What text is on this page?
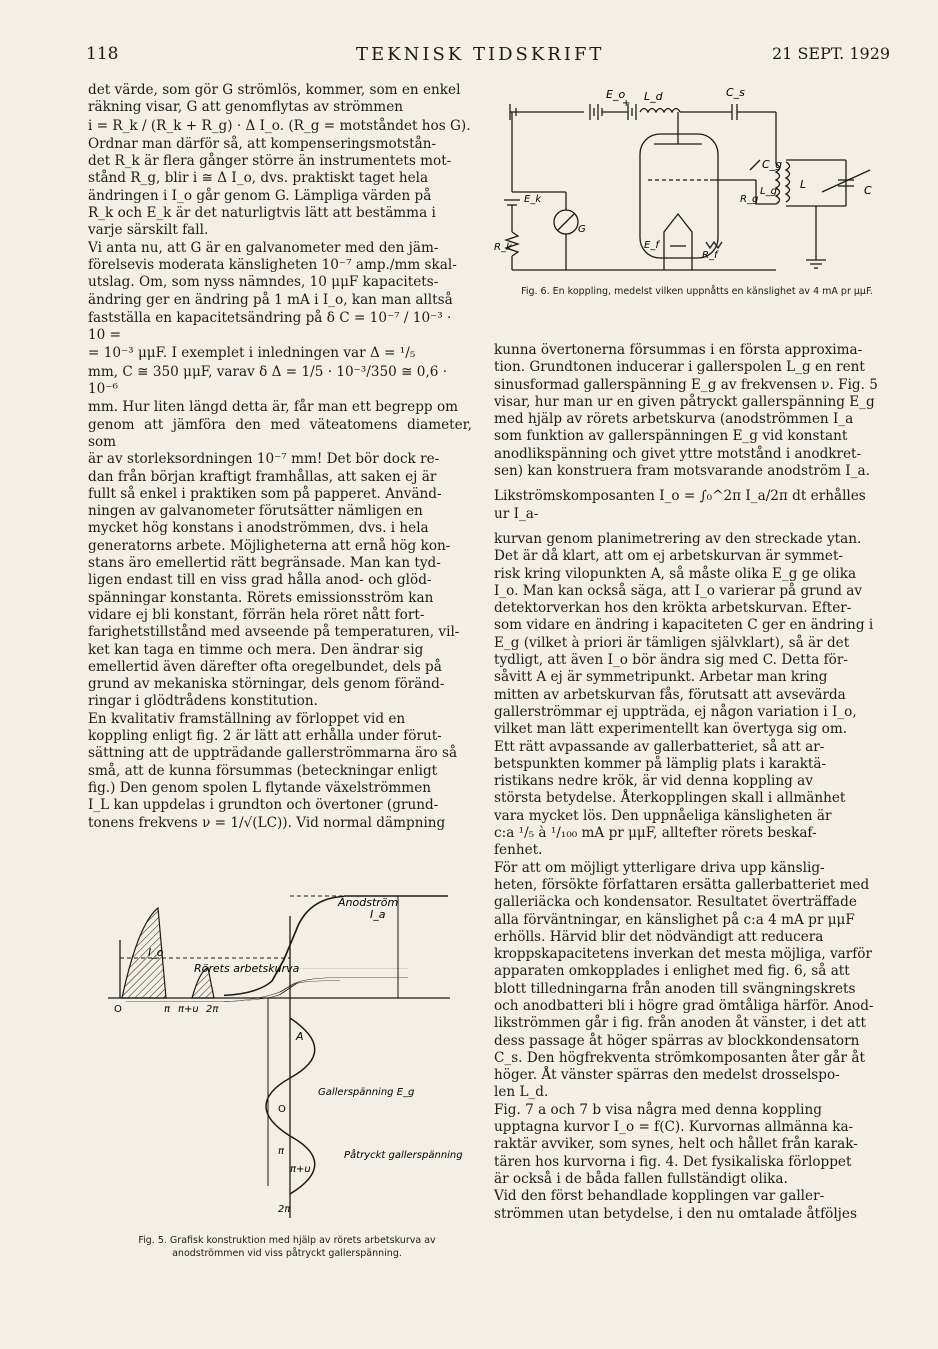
118	TEKNISK TIDSKRIFT	21 SEPT. 1929

det värde, som gör G strömlös, kommer, som en enkel

räkning visar, G att genomflytas av strömmen

i = R_k / (R_k + R_g) · Δ I_o. (R_g = motståndet hos G).

Ordnar man därför så, att kompenseringsmotstån-

det R_k är flera gånger större än instrumentets mot-

stånd R_g, blir i ≅ Δ I_o, dvs. praktiskt taget hela

ändringen i I_o går genom G. Lämpliga värden på

R_k och E_k är det naturligtvis lätt att bestämma i

varje särskilt fall.

Vi anta nu, att G är en galvanometer med den jäm-

förelsevis moderata känsligheten 10⁻⁷ amp./mm skal-

utslag. Om, som nyss nämndes, 10 μμF kapacitets-

ändring ger en ändring på 1 mA i I_o, kan man alltså

fastställa en kapacitetsändring på δ C = 10⁻⁷ / 10⁻³ · 10 =

= 10⁻³ μμF. I exemplet i inledningen var Δ = ¹/₅

mm, C ≅ 350 μμF, varav δ Δ = 1/5 · 10⁻³/350 ≅ 0,6 · 10⁻⁶

mm. Hur liten längd detta är, får man ett begrepp om

genom att jämföra den med väteatomens diameter, som

är av storleksordningen 10⁻⁷ mm! Det bör dock re-

dan från början kraftigt framhållas, att saken ej är

fullt så enkel i praktiken som på papperet. Använd-

ningen av galvanometer förutsätter nämligen en

mycket hög konstans i anodströmmen, dvs. i hela

generatorns arbete. Möjligheterna att ernå hög kon-

stans äro emellertid rätt begränsade. Man kan tyd-

ligen endast till en viss grad hålla anod- och glöd-

spänningar konstanta. Rörets emissionsström kan

vidare ej bli konstant, förrän hela röret nått fort-

farighetstillstånd med avseende på temperaturen, vil-

ket kan taga en timme och mera. Den ändrar sig

emellertid även därefter ofta oregelbundet, dels på

grund av mekaniska störningar, dels genom föränd-

ringar i glödtrådens konstitution.

En kvalitativ framställning av förloppet vid en

koppling enligt fig. 2 är lätt att erhålla under förut-

sättning att de uppträdande gallerströmmarna äro så

små, att de kunna försummas (beteckningar enligt

fig.) Den genom spolen L flytande växelströmmen

I_L kan uppdelas i grundton och övertoner (grund-

tonens frekvens ν = 1/√(LC)). Vid normal dämpning

Anodström
I_a
Rörets arbetskurva
I_o
A
Gallerspänning E_g
O	π π+u 2π
O
π
π+u
2π
Påtryckt gallerspänning
Fig. 5. Grafisk konstruktion med hjälp av rörets arbetskurva av anodströmmen vid viss påtryckt gallerspänning.
E_o
+
L_d	C_s
C_g
R_g
L_g
L	C
E_k
R_k
G
E_f
R_f
Fig. 6. En koppling, medelst vilken uppnåtts en känslighet av 4 mA pr μμF.

kunna övertonerna försummas i en första approxima-

tion. Grundtonen inducerar i gallerspolen L_g en rent

sinusformad gallerspänning E_g av frekvensen ν. Fig. 5

visar, hur man ur en given påtryckt gallerspänning E_g

med hjälp av rörets arbetskurva (anodströmmen I_a

som funktion av gallerspänningen E_g vid konstant

anodlikspänning och givet yttre motstånd i anodkret-

sen) kan konstruera fram motsvarande anodström I_a.

Likströmskomposanten I_o = ∫₀^2π I_a/2π dt erhålles ur I_a-

kurvan genom planimetrering av den streckade ytan.

Det är då klart, att om ej arbetskurvan är symmet-

risk kring vilopunkten A, så måste olika E_g ge olika

I_o. Man kan också säga, att I_o varierar på grund av

detektorverkan hos den krökta arbetskurvan. Efter-

som vidare en ändring i kapaciteten C ger en ändring i

E_g (vilket à priori är tämligen självklart), så är det

tydligt, att även I_o bör ändra sig med C. Detta för-

såvitt A ej är symmetripunkt. Arbetar man kring

mitten av arbetskurvan fås, förutsatt att avsevärda

gallerströmmar ej uppträda, ej någon variation i I_o,

vilket man lätt experimentellt kan övertyga sig om.

Ett rätt avpassande av gallerbatteriet, så att ar-

betspunkten kommer på lämplig plats i karaktä-

ristikans nedre krök, är vid denna koppling av

största betydelse. Återkopplingen skall i allmänhet

vara mycket lös. Den uppnåeliga känsligheten är

c:a ¹/₅ à ¹/₁₀₀ mA pr μμF, alltefter rörets beskaf-

fenhet.

För att om möjligt ytterligare driva upp känslig-

heten, försökte författaren ersätta gallerbatteriet med

galleriäcka och kondensator. Resultatet överträffade

alla förväntningar, en känslighet på c:a 4 mA pr μμF

erhölls. Härvid blir det nödvändigt att reducera

kroppskapacitetens inverkan det mesta möjliga, varför

apparaten omkopplades i enlighet med fig. 6, så att

blott tilledningarna från anoden till svängningskrets

och anodbatteri bli i högre grad ömtåliga härför. Anod-

likströmmen går i fig. från anoden åt vänster, i det att

dess passage åt höger spärras av blockkondensatorn

C_s. Den högfrekventa strömkomposanten åter går åt

höger. Åt vänster spärras den medelst drosselspo-

len L_d.

Fig. 7 a och 7 b visa några med denna koppling

upptagna kurvor I_o = f(C). Kurvornas allmänna ka-

raktär avviker, som synes, helt och hållet från karak-

tären hos kurvorna i fig. 4. Det fysikaliska förloppet

är också i de båda fallen fullständigt olika.

Vid den först behandlade kopplingen var galler-

strömmen utan betydelse, i den nu omtalade åtföljes
